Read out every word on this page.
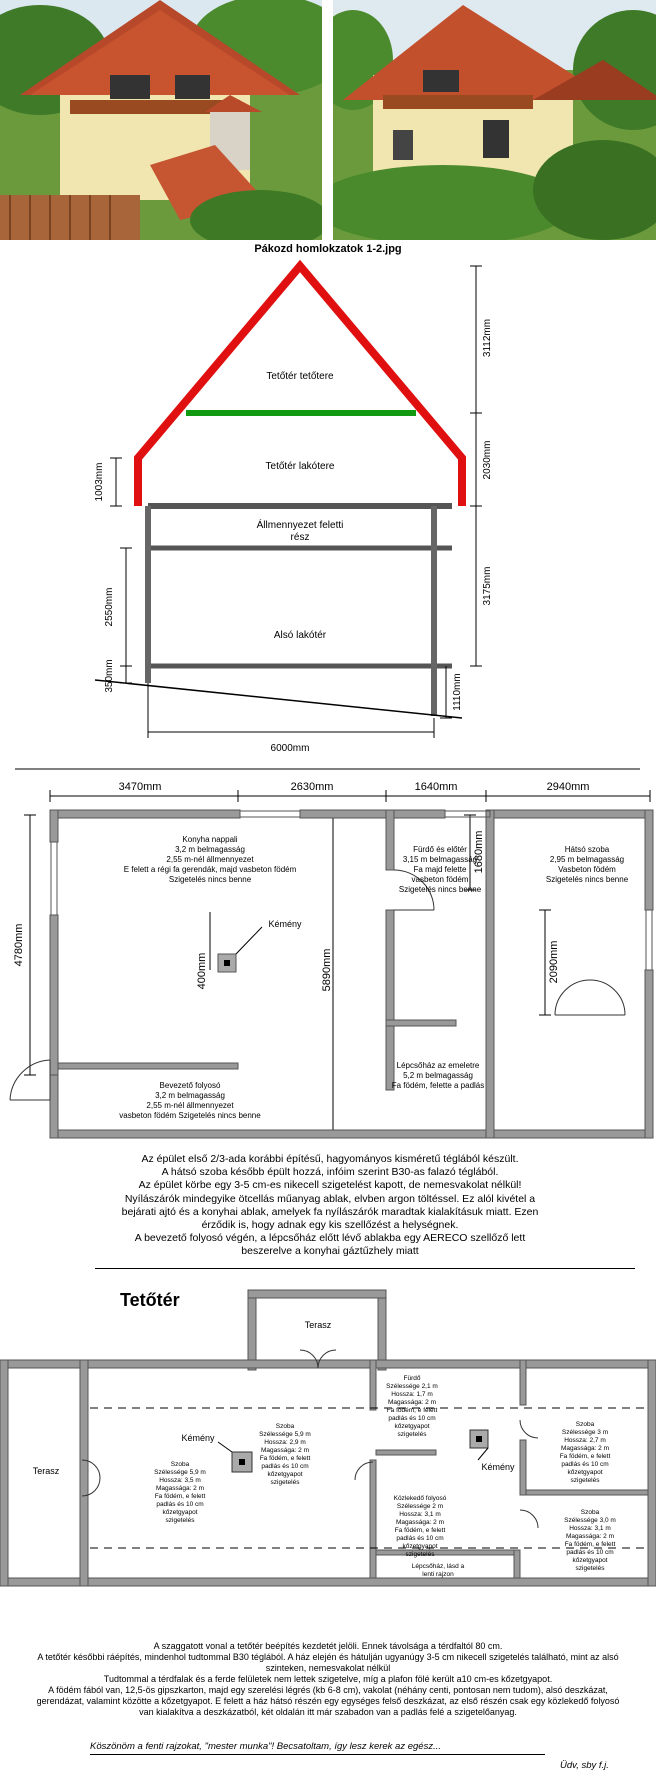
Pákozd homlokzatok 1-2.jpg
Tetőtér tetőtere
Tetőtér lakótere
Állmennyezet feletti
rész
Alsó lakótér
6000mm
3112mm
2030mm
3175mm
1110mm
1003mm
2550mm
350mm
3470mm	2630mm	1640mm	2940mm
4780mm
400mm	5890mm
1680mm
2090mm
Konyha nappali
3,2 m belmagasság
2,55 m-nél állmennyezet
E felett a régi fa gerendák, majd vasbeton födém
Szigetelés nincs benne
Kémény
Fürdő és előtér
3,15 m belmagasság
Fa majd felette
vasbeton födém
Szigetelés nincs benne
Hátsó szoba
2,95 m belmagasság
Vasbeton födém
Szigetelés nincs benne
Bevezető folyosó
3,2 m belmagasság
2,55 m-nél állmennyezet
vasbeton födém Szigetelés nincs benne
Lépcsőház az emeletre
5,2 m belmagasság
Fa födém, felette a padlás
Az épület első 2/3-ada korábbi építésű, hagyományos kisméretű téglából készült.
A hátsó szoba később épült hozzá, infóim szerint B30-as falazó téglából.
Az épület körbe egy 3-5 cm-es nikecell szigetelést kapott, de nemesvakolat nélkül!
Nyílászárók mindegyike ötcellás műanyag ablak, elvben argon töltéssel. Ez alól kivétel a
bejárati ajtó és a konyhai ablak, amelyek fa nyílászárók maradtak kialakításuk miatt. Ezen
érződik is, hogy adnak egy kis szellőzést a helységnek.
A bevezető folyosó végén, a lépcsőház előtt lévő ablakba egy AERECO szellőző lett
beszerelve a konyhai gáztűzhely miatt
Tetőtér
Terasz
Terasz
Kémény
Kémény
Szoba
Szélessége 5,9 m
Hossza: 3,5 m
Magassága: 2 m
Fa födém, e felett
padlás és 10 cm
kőzetgyapot
szigetelés
Szoba
Szélessége 5,9 m
Hossza: 2,9 m
Magassága: 2 m
Fa födém, e felett
padlás és 10 cm
kőzetgyapot
szigetelés
Fürdő
Szélessége 2,1 m
Hossza: 1,7 m
Magassága: 2 m
Fa födém, e felett
padlás és 10 cm
kőzetgyapot
szigetelés
Közlekedő folyosó
Szélessége 2 m
Hossza: 3,1 m
Magassága: 2 m
Fa födém, e felett
padlás és 10 cm
kőzetgyapot
szigetelés
Szoba
Szélessége 3 m
Hossza: 2,7 m
Magassága: 2 m
Fa födém, e felett
padlás és 10 cm
kőzetgyapot
szigetelés
Szoba
Szélessége 3,0 m
Hossza: 3,1 m
Magassága: 2 m
Fa födém, e felett
padlás és 10 cm
kőzetgyapot
szigetelés
Lépcsőház, lásd a
lenti rajzon
A szaggatott vonal a tetőtér beépítés kezdetét jelöli. Ennek távolsága a térdfaltól 80 cm.
A tetőtér későbbi ráépítés, mindenhol tudtommal B30 téglából. A ház elején és hátulján ugyanúgy 3-5 cm nikecell szigetelés található, mint az alsó
szinteken, nemesvakolat nélkül
Tudtommal a térdfalak és a ferde felületek nem lettek szigetelve, míg a plafon fölé került a10 cm-es kőzetgyapot.
A födém fából van, 12,5-ös gipszkarton, majd egy szerelési légrés (kb 6-8 cm), vakolat (néhány centi, pontosan nem tudom), alsó deszkázat,
gerendázat, valamint közötte a kőzetgyapot. E felett a ház hátsó részén egy egységes felső deszkázat, az első részén csak egy közlekedő folyosó
van kialakítva a deszkázatból, két oldalán itt már szabadon van a padlás felé a szigetelőanyag.
Köszönöm a fenti rajzokat, "mester munka"! Becsatoltam, így lesz kerek az egész...
Üdv, sby f.j.
